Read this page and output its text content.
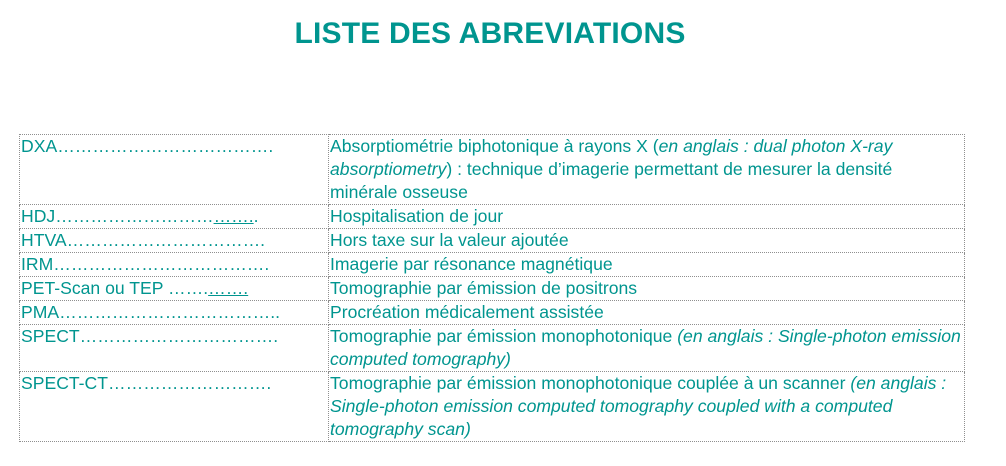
LISTE DES ABREVIATIONS
DXA……………………………….	Absorptiométrie biphotonique à rayons X (en anglais : dual photon X-ray absorptiometry) : technique d’imagerie permettant de mesurer la densité minérale osseuse
HDJ……………………………..	Hospitalisation de jour
HTVA…………………………….	Hors taxe sur la valeur ajoutée
IRM……………………………….	Imagerie par résonance magnétique
PET-Scan ou TEP …….…….	Tomographie par émission de positrons
PMA………………………………..	Procréation médicalement assistée
SPECT…………………………….	Tomographie par émission monophotonique (en anglais : Single-photon emission computed tomography)
SPECT-CT……………………….	Tomographie par émission monophotonique couplée à un scanner (en anglais : Single-photon emission computed tomography coupled with a computed tomography scan)
